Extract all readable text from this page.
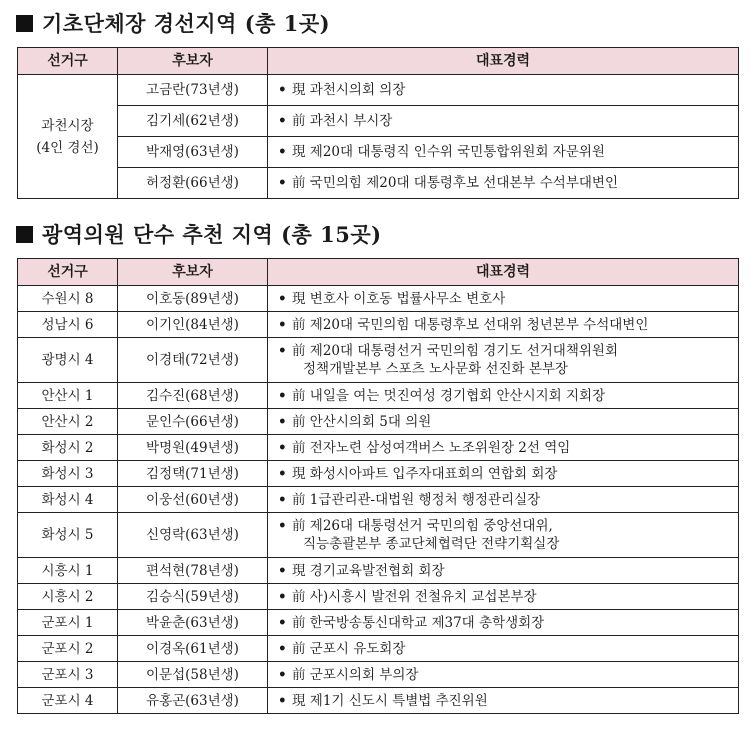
기초단체장 경선지역 (총 1곳)
선거구	후보자	대표경력

과천시장
(4인 경선)	고금란(73년생)	• 現 과천시의회 의장

	김기세(62년생)	• 前 과천시 부시장

	박재영(63년생)	• 現 제20대 대통령직 인수위 국민통합위원회 자문위원

	허정환(66년생)	• 前 국민의힘 제20대 대통령후보 선대본부 수석부대변인
광역의원 단수 추천 지역 (총 15곳)
선거구	후보자	대표경력
수원시 8	이호동(89년생)	• 現 변호사 이호동 법률사무소 변호사

성남시 6	이기인(84년생)	• 前 제20대 국민의힘 대통령후보 선대위 청년본부 수석대변인

광명시 4	이경태(72년생)	• 前 제20대 대통령선거 국민의힘 경기도 선거대책위원회
정책개발본부 스포츠 노사문화 선진화 본부장

안산시 1	김수진(68년생)	• 前 내일을 여는 멋진여성 경기협회 안산시지회 지회장

안산시 2	문인수(66년생)	• 前 안산시의회 5대 의원

화성시 2	박명원(49년생)	• 前 전자노련 삼성여객버스 노조위원장 2선 역임

화성시 3	김정택(71년생)	• 現 화성시아파트 입주자대표회의 연합회 회장

화성시 4	이웅선(60년생)	• 前 1급관리관-대법원 행정처 행정관리실장

화성시 5	신영락(63년생)	• 前 제26대 대통령선거 국민의힘 중앙선대위,
직능총괄본부 종교단체협력단 전략기획실장

시흥시 1	편석현(78년생)	• 現 경기교육발전협회 회장

시흥시 2	김승식(59년생)	• 前 사)시흥시 발전위 전철유치 교섭본부장

군포시 1	박윤춘(63년생)	• 前 한국방송통신대학교 제37대 총학생회장

군포시 2	이경옥(61년생)	• 前 군포시 유도회장

군포시 3	이문섭(58년생)	• 前 군포시의회 부의장

군포시 4	유홍곤(63년생)	• 現 제1기 신도시 특별법 추진위원
